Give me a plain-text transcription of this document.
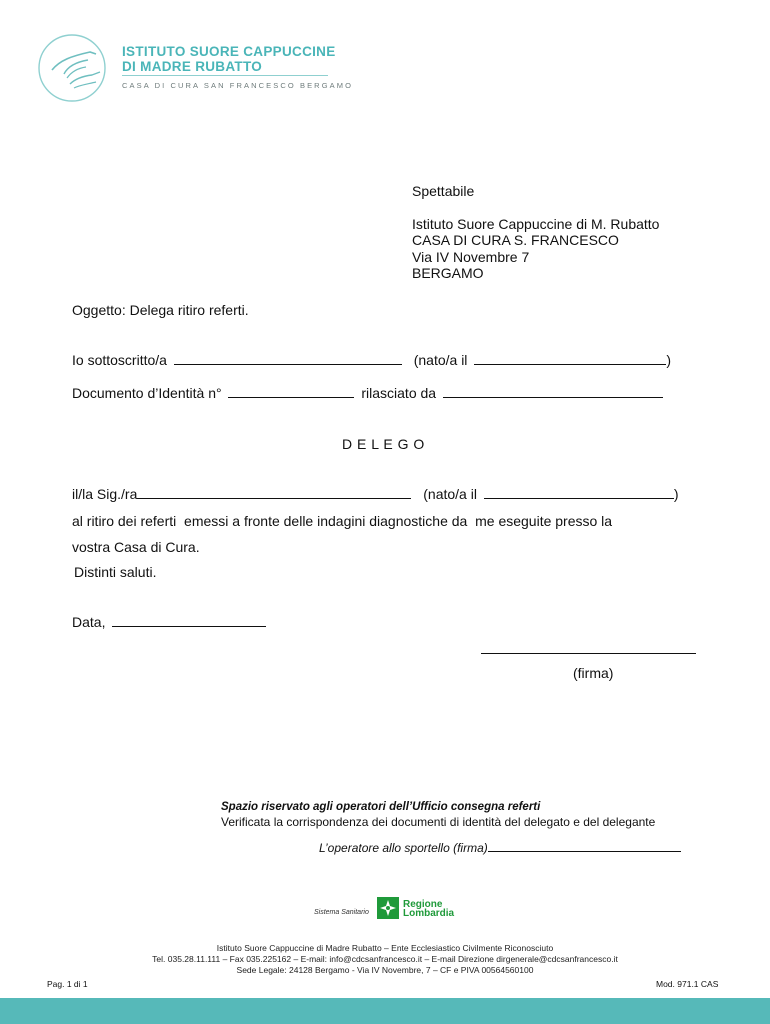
ISTITUTO SUORE CAPPUCCINE
DI MADRE RUBATTO
CASA DI CURA SAN FRANCESCO BERGAMO
Spettabile
Istituto Suore Cappuccine di M. Rubatto
CASA DI CURA S. FRANCESCO
Via IV Novembre 7
BERGAMO
Oggetto: Delega ritiro referti.
Io sottoscritto/a	(nato/a il	)
Documento d’Identità n°	rilasciato da
D E L E G O
il/la Sig./ra	(nato/a il	)
al ritiro dei referti  emessi a fronte delle indagini diagnostiche da  me eseguite presso la
vostra Casa di Cura.
Distinti saluti.
Data,
(firma)
Spazio riservato agli operatori dell’Ufficio consegna referti
Verificata la corrispondenza dei documenti di identità del delegato e del delegante
L’operatore allo sportello (firma)
Sistema Sanitario
Regione
Lombardia
Istituto Suore Cappuccine di Madre Rubatto – Ente Ecclesiastico Civilmente Riconosciuto
Tel. 035.28.11.111 – Fax 035.225162 – E-mail: info@cdcsanfrancesco.it – E-mail Direzione dirgenerale@cdcsanfrancesco.it
Sede Legale: 24128 Bergamo - Via IV Novembre, 7 – CF e PIVA 00564560100
Pag. 1 di 1	Mod. 971.1 CAS
